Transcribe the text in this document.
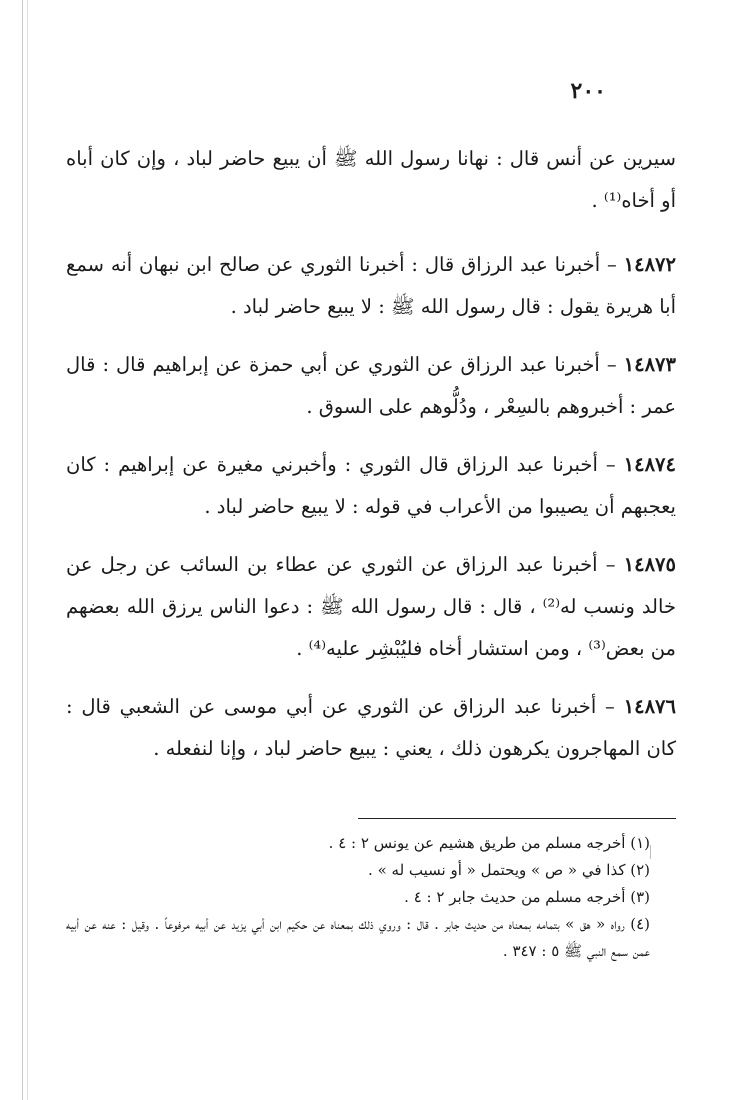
٢٠٠

سيرين عن أنس قال : نهانا رسول الله ﷺ أن يبيع حاضر لباد ، وإن كان أباه أو أخاه⁽¹⁾ .

١٤٨٧٢ – أخبرنا عبد الرزاق قال : أخبرنا الثوري عن صالح ابن نبهان أنه سمع أبا هريرة يقول : قال رسول الله ﷺ : لا يبيع حاضر لباد .

١٤٨٧٣ – أخبرنا عبد الرزاق عن الثوري عن أبي حمزة عن إبراهيم قال : قال عمر : أخبروهم بالسِعْر ، ودُلُّوهم على السوق .

١٤٨٧٤ – أخبرنا عبد الرزاق قال الثوري : وأخبرني مغيرة عن إبراهيم : كان يعجبهم أن يصيبوا من الأعراب في قوله : لا يبيع حاضر لباد .

١٤٨٧٥ – أخبرنا عبد الرزاق عن الثوري عن عطاء بن السائب عن رجل عن خالد ونسب له⁽²⁾ ، قال : قال رسول الله ﷺ : دعوا الناس يرزق الله بعضهم من بعض⁽³⁾ ، ومن استشار أخاه فليُبْشِر عليه⁽⁴⁾ .

١٤٨٧٦ – أخبرنا عبد الرزاق عن الثوري عن أبي موسى عن الشعبي قال : كان المهاجرون يكرهون ذلك ، يعني : يبيع حاضر لباد ، وإنا لنفعله .

(١) أخرجه مسلم من طريق هشيم عن يونس ٢ : ٤ .

(٢) كذا في « ص » ويحتمل « أو نسيب له » .

(٣) أخرجه مسلم من حديث جابر ٢ : ٤ .

(٤) رواه « هق » بتمامه بمعناه من حديث جابر . قال : وروي ذلك بمعناه عن حكيم ابن أبي يزيد عن أبيه مرفوعاً . وقيل : عنه عن أبيه عمن سمع النبي ﷺ ٥ : ٣٤٧ .
